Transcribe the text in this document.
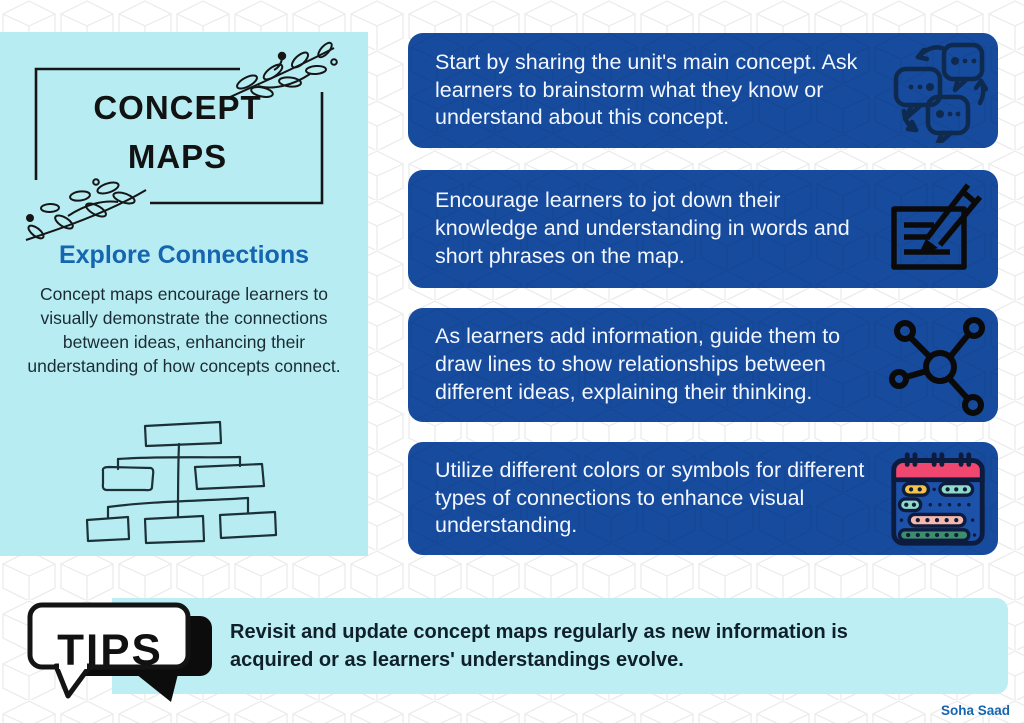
CONCEPT
MAPS
Explore Connections

Concept maps encourage learners to visually demonstrate the connections between ideas, enhancing their understanding of how concepts connect.

Start by sharing the unit's main concept. Ask learners to brainstorm what they know or understand about this concept.

Encourage learners to jot down their knowledge and understanding in words and short phrases on the map.

As learners add information, guide them to draw lines to show relationships between different ideas, explaining their thinking.

Utilize different colors or symbols for different types of connections to enhance visual understanding.

Revisit and update concept maps regularly as new information is acquired or as learners' understandings evolve.

TIPS
Soha Saad
